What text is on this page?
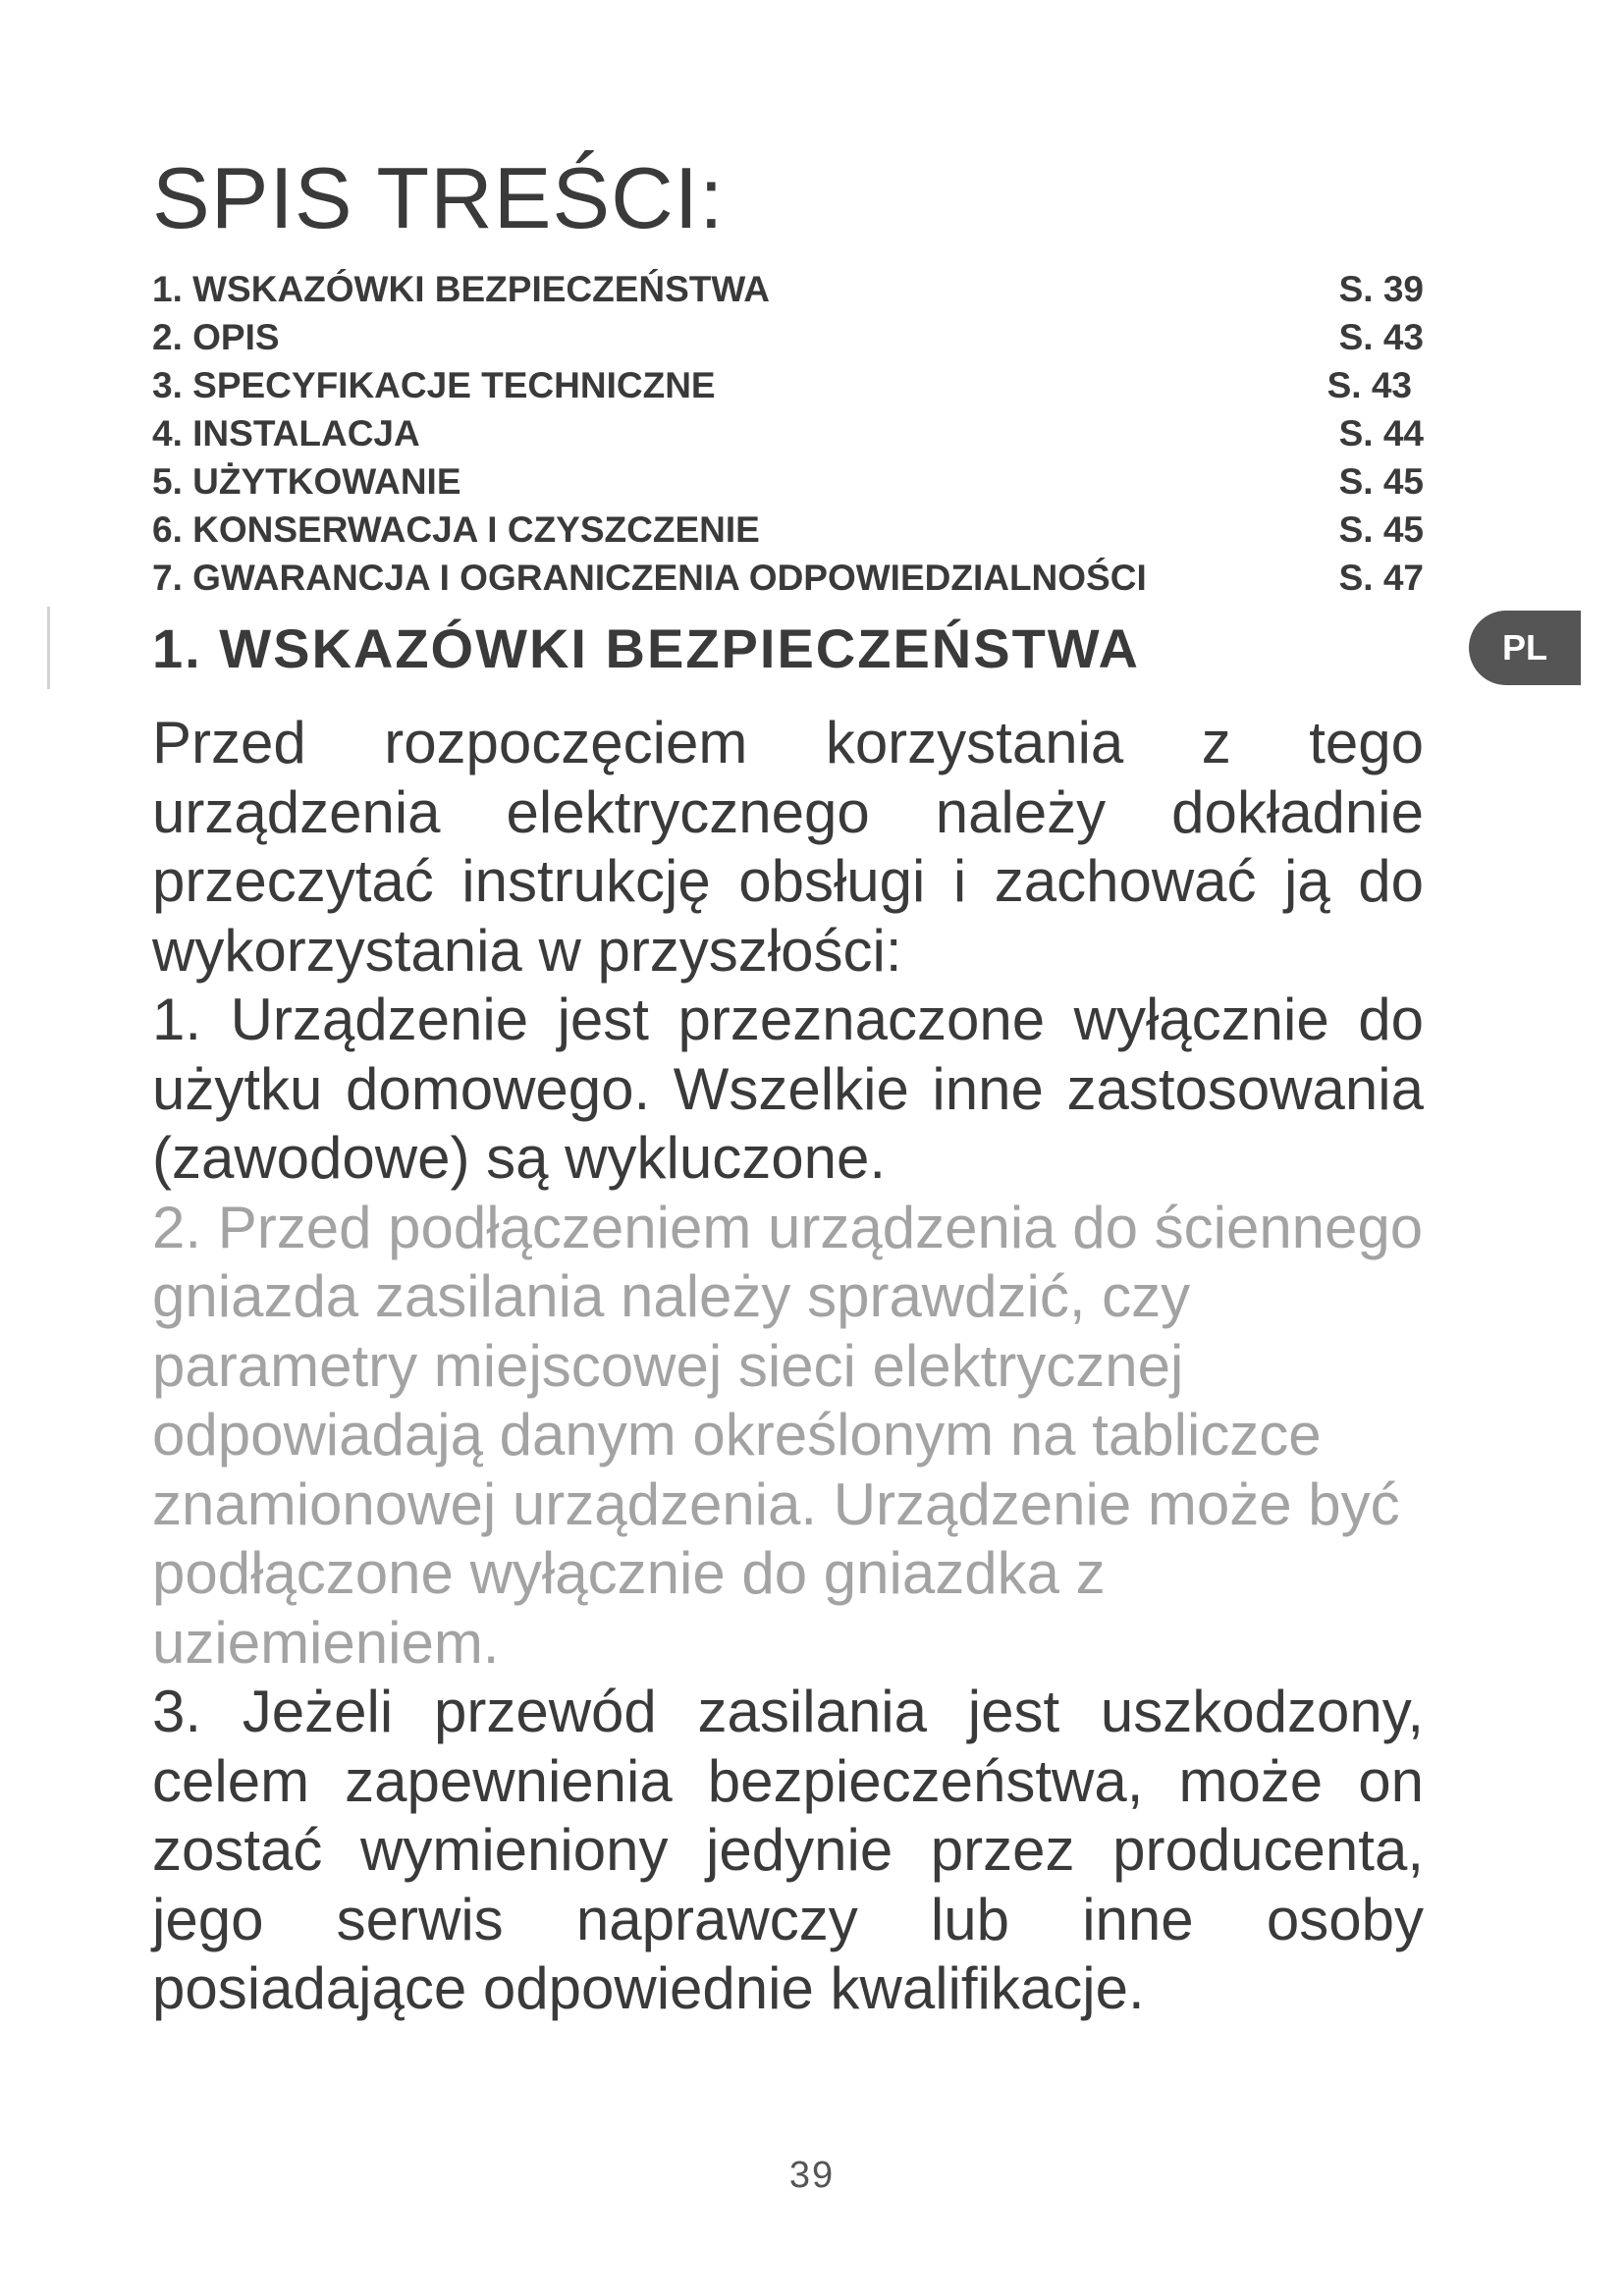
SPIS TREŚCI:
1. WSKAZÓWKI BEZPIECZEŃSTWA	S. 39
2. OPIS	S. 43
3. SPECYFIKACJE TECHNICZNE	S. 43
4. INSTALACJA	S. 44
5. UŻYTKOWANIE	S. 45
6. KONSERWACJA I CZYSZCZENIE	S. 45
7. GWARANCJA I OGRANICZENIA ODPOWIEDZIALNOŚCI	S. 47
1. WSKAZÓWKI BEZPIECZEŃSTWA	PL

Przed rozpoczęciem korzystania z tego urządzenia elektrycznego należy dokładnie przeczytać instrukcję obsługi i zachować ją do wykorzystania w przyszłości:

1. Urządzenie jest przeznaczone wyłącznie do użytku domowego. Wszelkie inne zastosowania (zawodowe) są wykluczone.

2. Przed podłączeniem urządzenia do ściennego gniazda zasilania należy sprawdzić, czy parametry miejscowej sieci elektrycznej odpowiadają danym określonym na tabliczce znamionowej urządzenia. Urządzenie może być podłączone wyłącznie do gniazdka z uziemieniem.

3. Jeżeli przewód zasilania jest uszkodzony, celem zapewnienia bezpieczeństwa, może on zostać wymieniony jedynie przez producenta, jego serwis naprawczy lub inne osoby posiadające odpowiednie kwalifikacje.

39
